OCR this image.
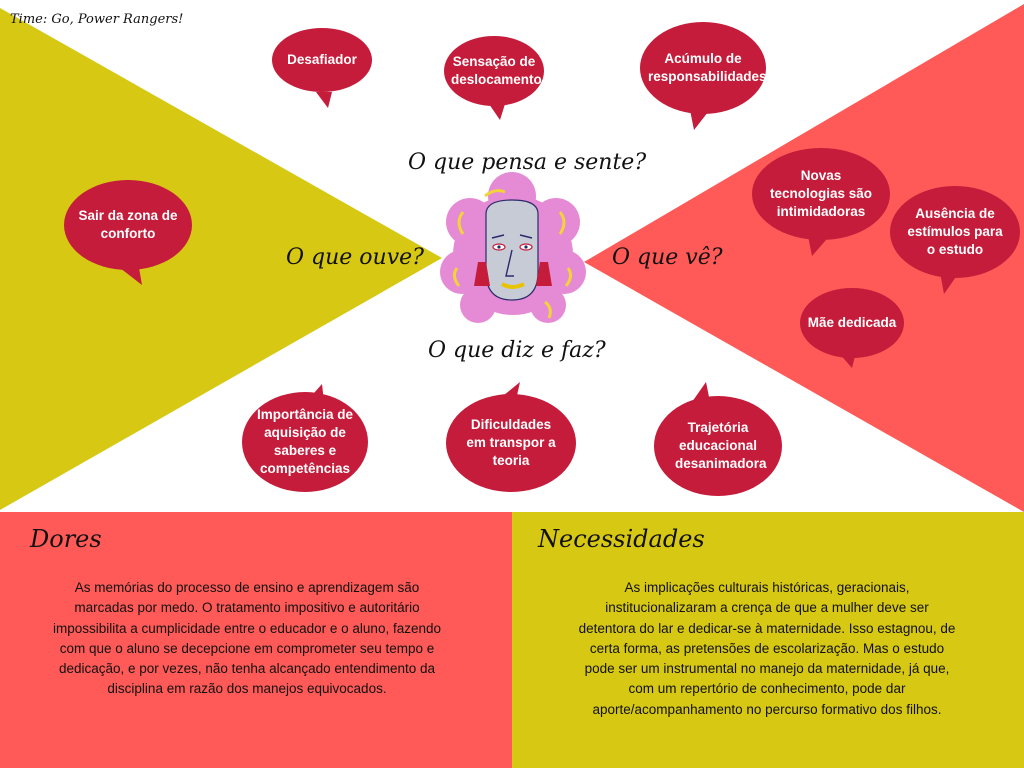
Time: Go, Power Rangers!
O que pensa e sente?
O que ouve?	O que vê?
O que diz e faz?
Desafiador	Sensação de deslocamento
Acúmulo de responsabilidades
Sair da zona de conforto
Novas tecnologias são intimidadoras	Ausência de estímulos para o estudo
Mãe dedicada
Importância de aquisição de saberes e competências
Dificuldades em transpor a teoria
Trajetória educacional desanimadora
Dores
As memórias do processo de ensino e aprendizagem são marcadas por medo. O tratamento impositivo e autoritário impossibilita a cumplicidade entre o educador e o aluno, fazendo com que o aluno se decepcione em comprometer seu tempo e dedicação, e por vezes, não tenha alcançado entendimento da disciplina em razão dos manejos equivocados.
Necessidades
As implicações culturais históricas, geracionais, institucionalizaram a crença de que a mulher deve ser detentora do lar e dedicar-se à maternidade. Isso estagnou, de certa forma, as pretensões de escolarização. Mas o estudo pode ser um instrumental no manejo da maternidade, já que, com um repertório de conhecimento, pode dar aporte/acompanhamento no percurso formativo dos filhos.
